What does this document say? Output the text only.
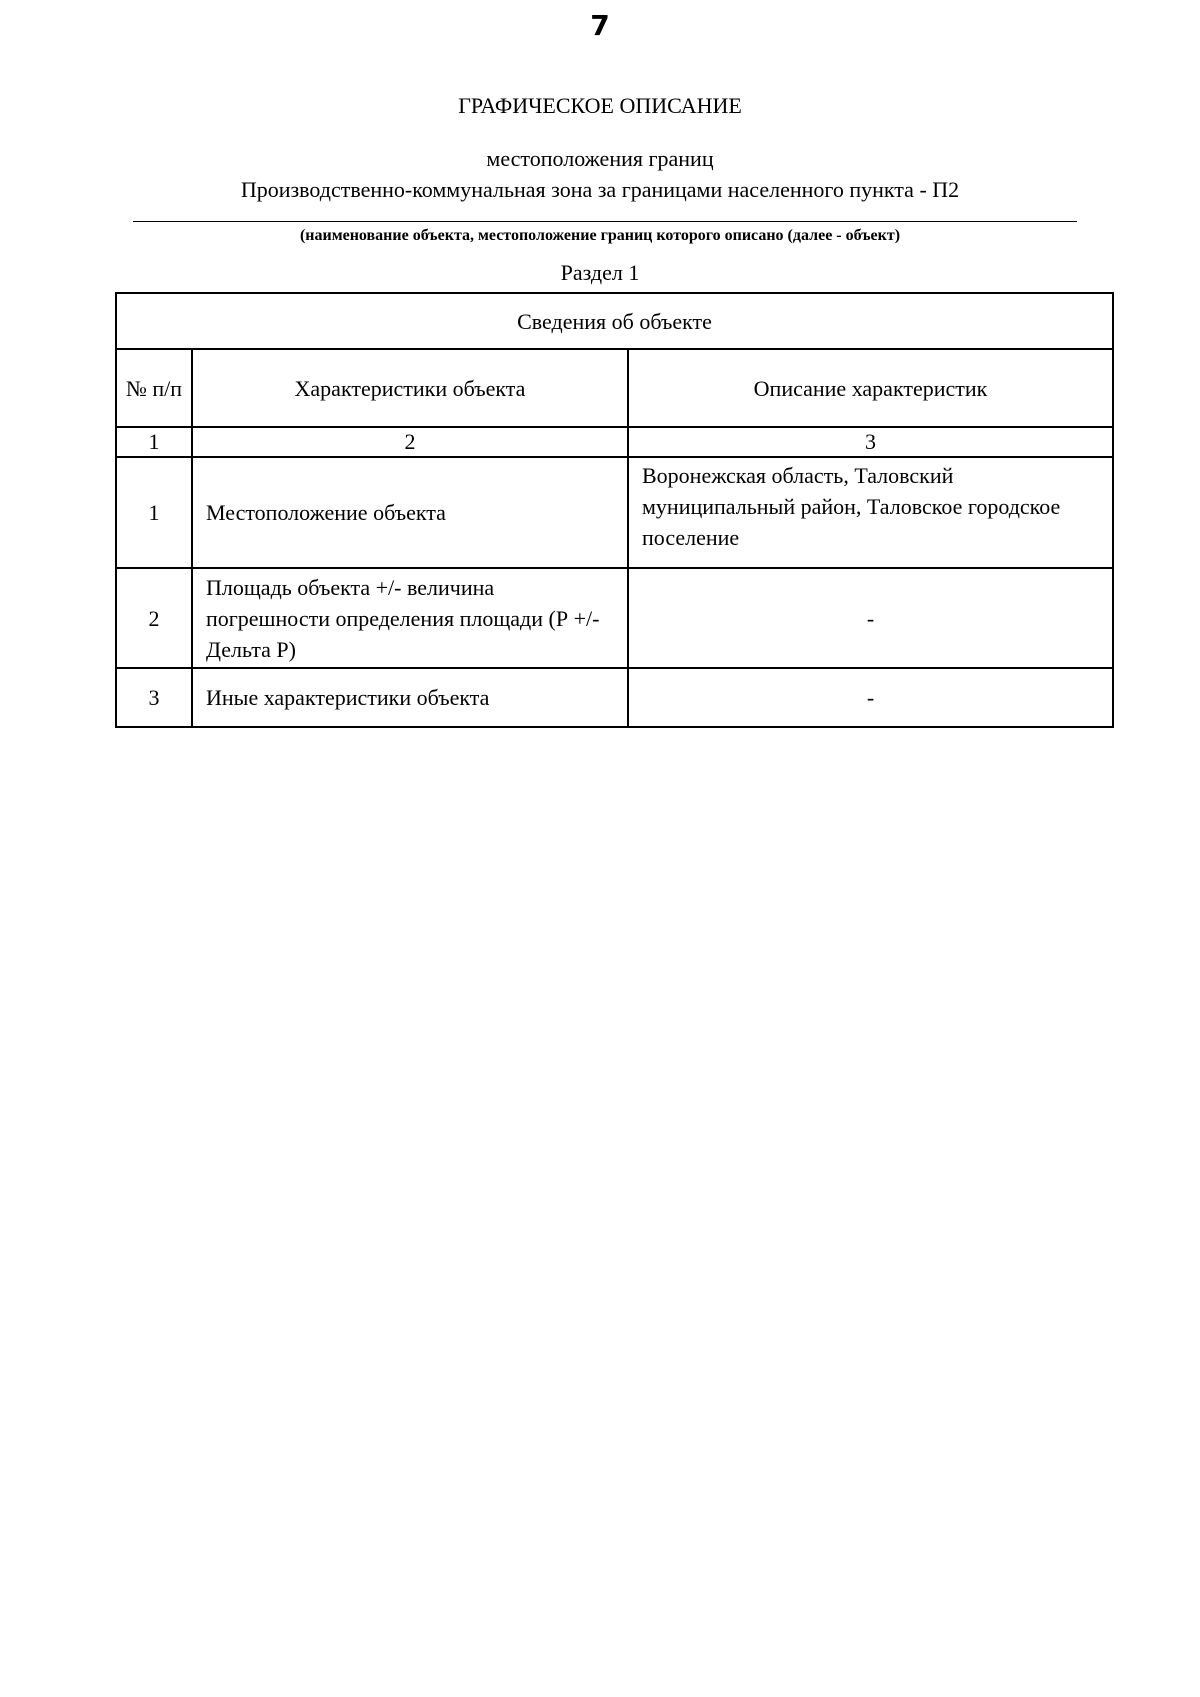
7
ГРАФИЧЕСКОЕ ОПИСАНИЕ
местоположения границ
Производственно-коммунальная зона за границами населенного пункта - П2
(наименование объекта, местоположение границ которого описано (далее - объект)
Раздел 1
Сведения об объекте		
№ п/п	Характеристики объекта	Описание характеристик
1	2	3
1	Местоположение объекта	Воронежская область, Таловский муниципальный район, Таловское городское поселение
2	Площадь объекта +/- величина погрешности определения площади (Р +/- Дельта Р)	-
3	Иные характеристики объекта	-
